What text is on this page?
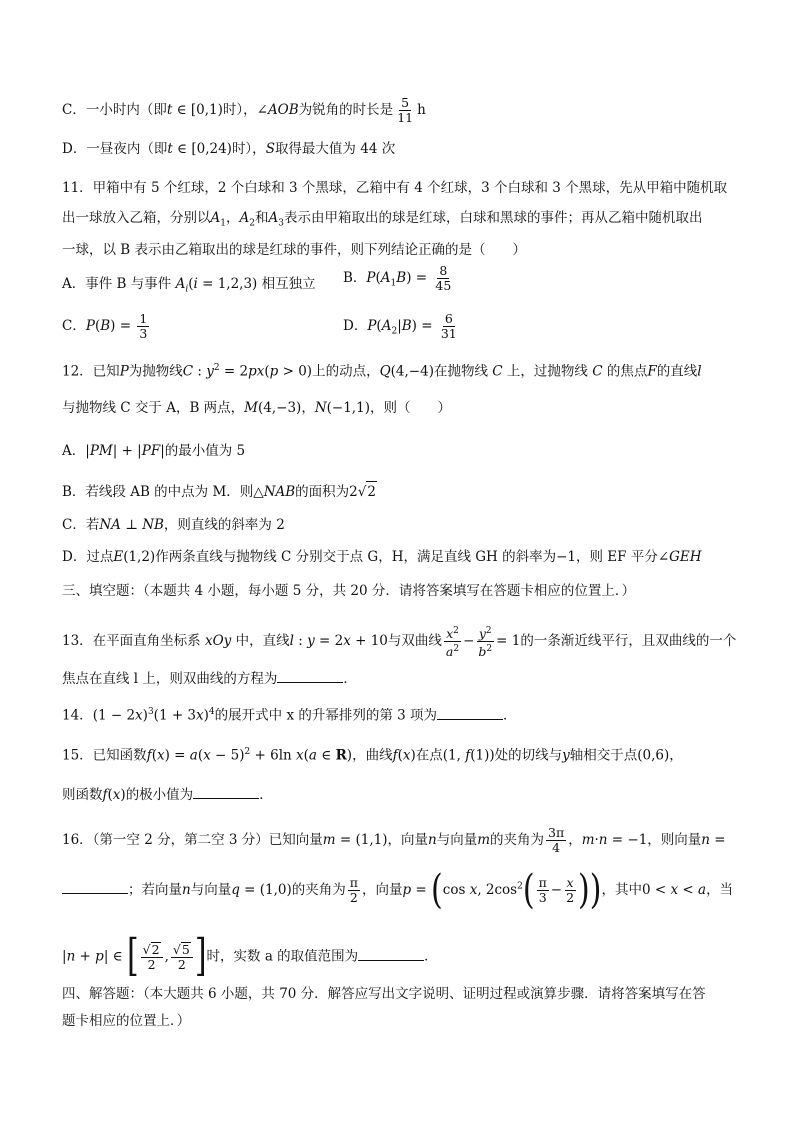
C．一小时内（即t ∈ [0,1)时），∠AOB为锐角的时长是 $\frac{5}{11}$ h
D．一昼夜内（即t ∈ [0,24)时），S取得最大值为 44 次
11．甲箱中有 5 个红球，2 个白球和 3 个黑球，乙箱中有 4 个红球，3 个白球和 3 个黑球，先从甲箱中随机取
出一球放入乙箱，分别以$A_1$，$A_2$和$A_3$表示由甲箱取出的球是红球，白球和黑球的事件；再从乙箱中随机取出
一球，以 B 表示由乙箱取出的球是红球的事件，则下列结论正确的是（　　）
A．事件 B 与事件 $A_i(i = 1,2,3)$ 相互独立 B．$P(A_1B) = \frac{8}{45}$
C．$P(B) = \frac{1}{3}$	D．$P(A_2|B) = \frac{6}{31}$
12．已知P为抛物线C : $y^2 = 2px(p > 0)$上的动点，Q(4,−4)在抛物线 C 上，过抛物线 C 的焦点F的直线l
与抛物线 C 交于 A，B 两点，M(4,−3)，N(−1,1)，则（　　）
A．|PM| + |PF|的最小值为 5
B．若线段 AB 的中点为 M．则△NAB的面积为2√2
C．若NA ⊥ NB，则直线的斜率为 2
D．过点E(1,2)作两条直线与抛物线 C 分别交于点 G，H，满足直线 GH 的斜率为−1，则 EF 平分∠GEH
三、填空题：（本题共 4 小题，每小题 5 分，共 20 分．请将答案填写在答题卡相应的位置上．）
13．在平面直角坐标系 xOy 中，直线l : y = 2x + 10与双曲线 $\frac{x^2}{a^2} - \frac{y^2}{b^2} = 1$的一条渐近线平行，且双曲线的一个
焦点在直线 l 上，则双曲线的方程为	．
14．$(1 - 2x)^3(1 + 3x)^4$的展开式中 x 的升幂排列的第 3 项为	．
15．已知函数$f(x) = a(x - 5)^2 + 6\ln$ x(a ∈ R)，曲线f(x)在点(1, f(1))处的切线与y轴相交于点(0,6)，
则函数f(x)的极小值为	．
16．（第一空 2 分，第二空 3 分）已知向量m = (1,1)，向量n与向量m的夹角为 $\frac{3\pi}{4}$ ，m·n = −1，则向量n =
；若向量n与向量q = (1,0)的夹角为 $\frac{\pi}{2}$ ，向量p = (cos x, $2\cos^2( \frac{\pi}{3} - \frac{x}{2}$ ))，其中0 < x < a，当
|n + p| ∈ [ $\frac{√2}{2}$ , $\frac{√5}{2}$ ]时，实数 a 的取值范围为	．
四、解答题：（本大题共 6 小题，共 70 分．解答应写出文字说明、证明过程或演算步骤．请将答案填写在答
题卡相应的位置上．）
